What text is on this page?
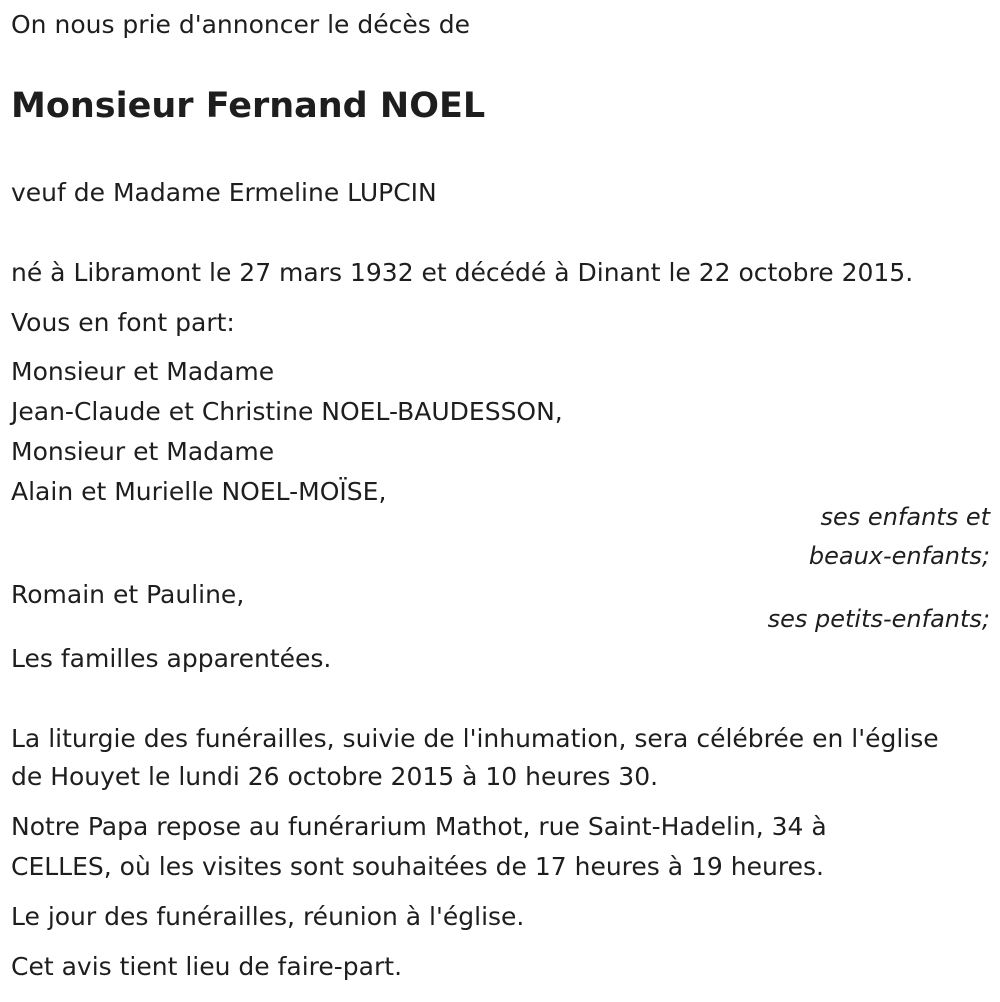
On nous prie d'annoncer le décès de

Monsieur Fernand NOEL

veuf de Madame Ermeline LUPCIN

né à Libramont le 27 mars 1932 et décédé à Dinant le 22 octobre 2015.

Vous en font part:

Monsieur et Madame

Jean-Claude et Christine NOEL-BAUDESSON,

Monsieur et Madame

Alain et Murielle NOEL-MOÏSE,

ses enfants et
beaux-enfants;

Romain et Pauline,

ses petits-enfants;

Les familles apparentées.

La liturgie des funérailles, suivie de l'inhumation, sera célébrée en l'église

de Houyet le lundi 26 octobre 2015 à 10 heures 30.

Notre Papa repose au funérarium Mathot, rue Saint-Hadelin, 34 à

CELLES, où les visites sont souhaitées de 17 heures à 19 heures.

Le jour des funérailles, réunion à l'église.

Cet avis tient lieu de faire-part.
